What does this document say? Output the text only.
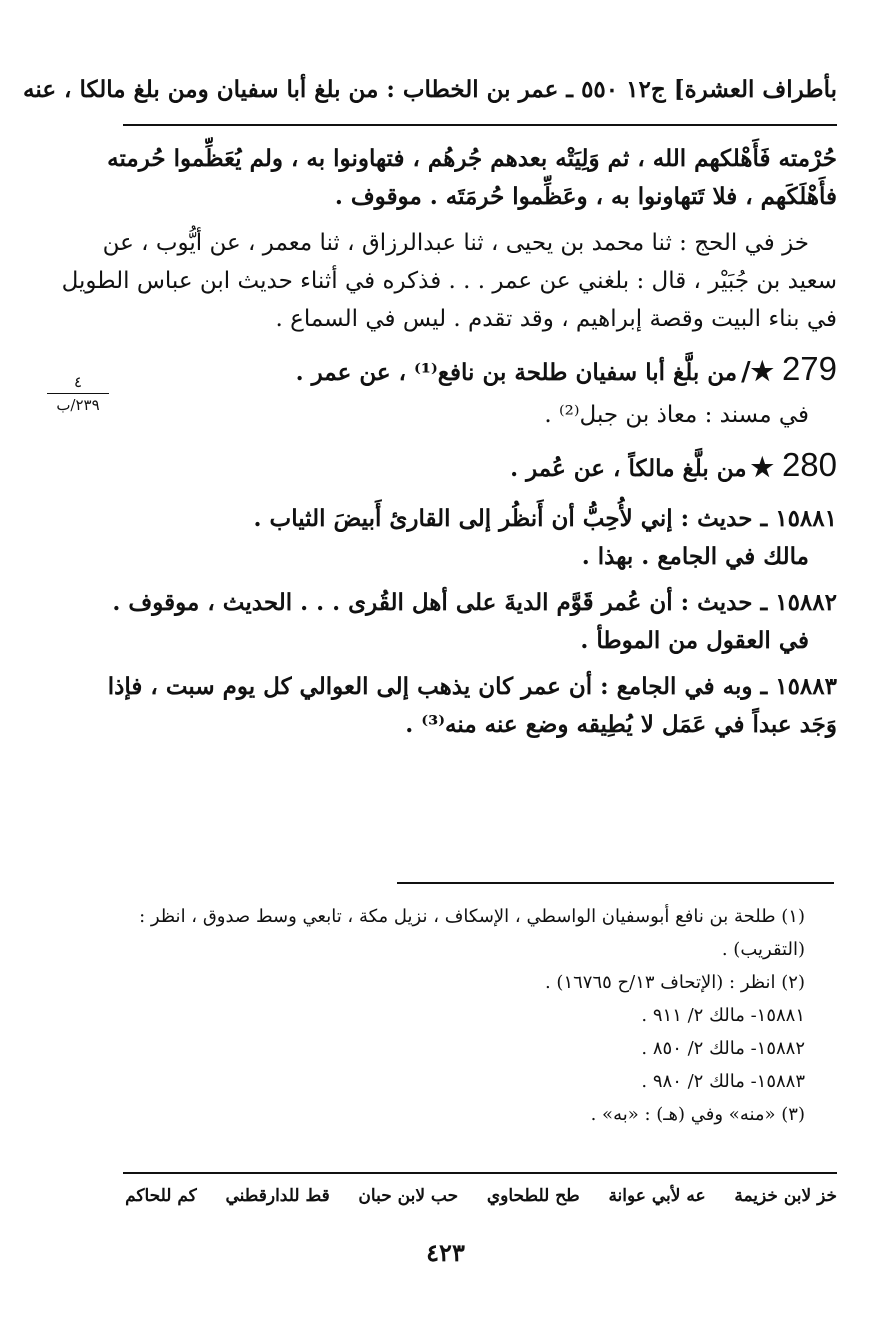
بأطراف العشرة] ج١٢ ٥٥٠ ـ عمر بن الخطاب : من بلغ أبا سفيان ومن بلغ مالكا ، عنه
٤
٢٣٩/ب

حُرْمته فَأَهْلكهم الله ، ثم وَلِيَتْه بعدهم جُرهُم ، فتهاونوا به ، ولم يُعَظِّموا حُرمته

فأَهْلَكَهم ، فلا تَتهاونوا به ، وعَظِّموا حُرمَتَه . موقوف .

خز في الحج : ثنا محمد بن يحيى ، ثنا عبدالرزاق ، ثنا معمر ، عن أيُّوب ، عن

سعيد بن جُبَيْر ، قال : بلغني عن عمر . . . فذكره في أثناء حديث ابن عباس الطويل

في بناء البيت وقصة إبراهيم ، وقد تقدم . ليس في السماع .

279
★/
من بلَّغ أبا سفيان طلحة بن نافع⁽¹⁾ ، عن عمر .

في مسند : معاذ بن جبل⁽²⁾ .

280
★
من بلَّغ مالكاً ، عن عُمر .

١٥٨٨١ ـ حديث : إني لأُحِبُّ أن أَنظُر إلى القارئ أَبيضَ الثياب .

مالك في الجامع . بهذا .

١٥٨٨٢ ـ حديث : أن عُمر قَوَّم الديةَ على أهل القُرى . . . الحديث ، موقوف .

في العقول من الموطأ .

١٥٨٨٣ ـ وبه في الجامع : أن عمر كان يذهب إلى العوالي كل يوم سبت ، فإذا

وَجَد عبداً في عَمَل لا يُطِيقه وضع عنه منه⁽³⁾ .

(١) طلحة بن نافع أبوسفيان الواسطي ، الإسكاف ، نزيل مكة ، تابعي وسط صدوق ، انظر :

(التقريب) .

(٢) انظر : (الإتحاف ١٣/ح ١٦٧٦٥) .

١٥٨٨١- مالك ٢/ ٩١١ .

١٥٨٨٢- مالك ٢/ ٨٥٠ .

١٥٨٨٣- مالك ٢/ ٩٨٠ .

(٣) «منه» وفي (هـ) : «به» .

خز لابن خزيمة
عه لأبي عوانة
طح للطحاوي
حب لابن حبان
قط للدارقطني
كم للحاكم
٤٢٣
